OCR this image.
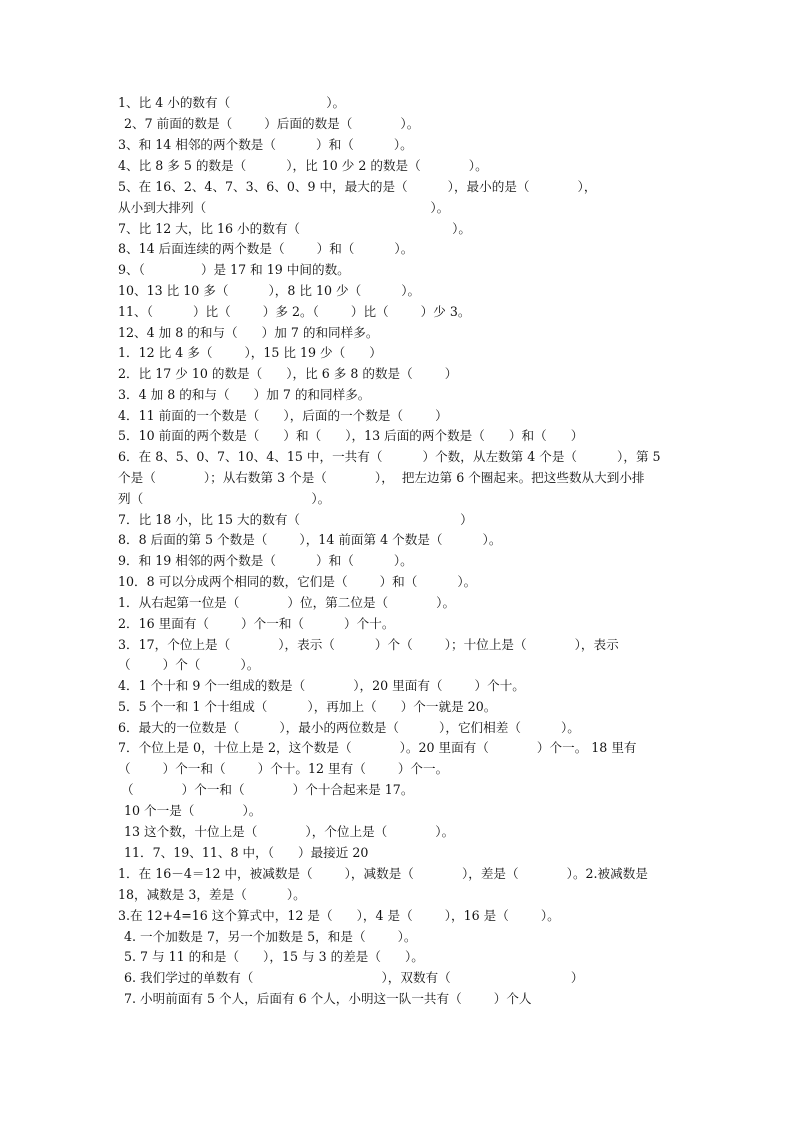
1、比 4 小的数有（                        ）。
2、7 前面的数是（        ）后面的数是（            ）。
3、和 14 相邻的两个数是（          ）和（          ）。
4、比 8 多 5 的数是（          ），比 10 少 2 的数是（            ）。
5、在 16、2、4、7、3、6、0、9 中，最大的是（          ），最小的是（            ），
从小到大排列（                                                        ）。
7、比 12 大，比 16 小的数有（                                      ）。
8、14 后面连续的两个数是（        ）和（          ）。
9、（              ）是 17 和 19 中间的数。
10、13 比 10 多（          ），8 比 10 少（          ）。
11、（          ）比（        ）多 2。（        ）比（        ）少 3。
12、4 加 8 的和与（      ）加 7 的和同样多。
1．12 比 4 多（        ），15 比 19 少（      ）
2．比 17 少 10 的数是（      ），比 6 多 8 的数是（        ）
3．4 加 8 的和与（      ）加 7 的和同样多。
4．11 前面的一个数是（      ），后面的一个数是（        ）
5．10 前面的两个数是（      ）和（      ），13 后面的两个数是（      ）和（      ）
6．在 8、5、0、7、10、4、15 中，一共有（          ）个数，从左数第 4 个是（          ），第 5
个是（            ）；从右数第 3 个是（            ），  把左边第 6 个圈起来。把这些数从大到小排
列（                                          ）。
7．比 18 小，比 15 大的数有（                                        ）
8．8 后面的第 5 个数是（        ），14 前面第 4 个数是（          ）。
9．和 19 相邻的两个数是（          ）和（          ）。
10．8 可以分成两个相同的数，它们是（        ）和（          ）。
1．从右起第一位是（            ）位，第二位是（            ）。
2．16 里面有（        ）个一和（          ）个十。
3．17，个位上是（            ），表示（          ）个（        ）；十位上是（            ），表示
（        ）个（          ）。
4．1 个十和 9 个一组成的数是（            ），20 里面有（        ）个十。
5．5 个一和 1 个十组成（          ），再加上（      ）个一就是 20。
6．最大的一位数是（          ），最小的两位数是（          ），它们相差（          ）。
7．个位上是 0，十位上是 2，这个数是（            ）。20 里面有（            ）个一。 18 里有
（        ）个一和（        ）个十。12 里有（        ）个一。
（            ）个一和（            ）个十合起来是 17。
10 个一是（            ）。
13 这个数，十位上是（            ），个位上是（            ）。
11．7、19、11、8 中，（      ）最接近 20
1．在 16－4＝12 中，被减数是（        ），减数是（            ），差是（            ）。2.被减数是
18，减数是 3，差是（          ）。
3.在 12+4=16 这个算式中，12 是（      ），4 是（        ），16 是（        ）。
4. 一个加数是 7，另一个加数是 5，和是（        ）。
5. 7 与 11 的和是（      ），15 与 3 的差是（      ）。
6. 我们学过的单数有（                                ），双数有（                              ）
7. 小明前面有 5 个人，后面有 6 个人，小明这一队一共有（        ）个人
